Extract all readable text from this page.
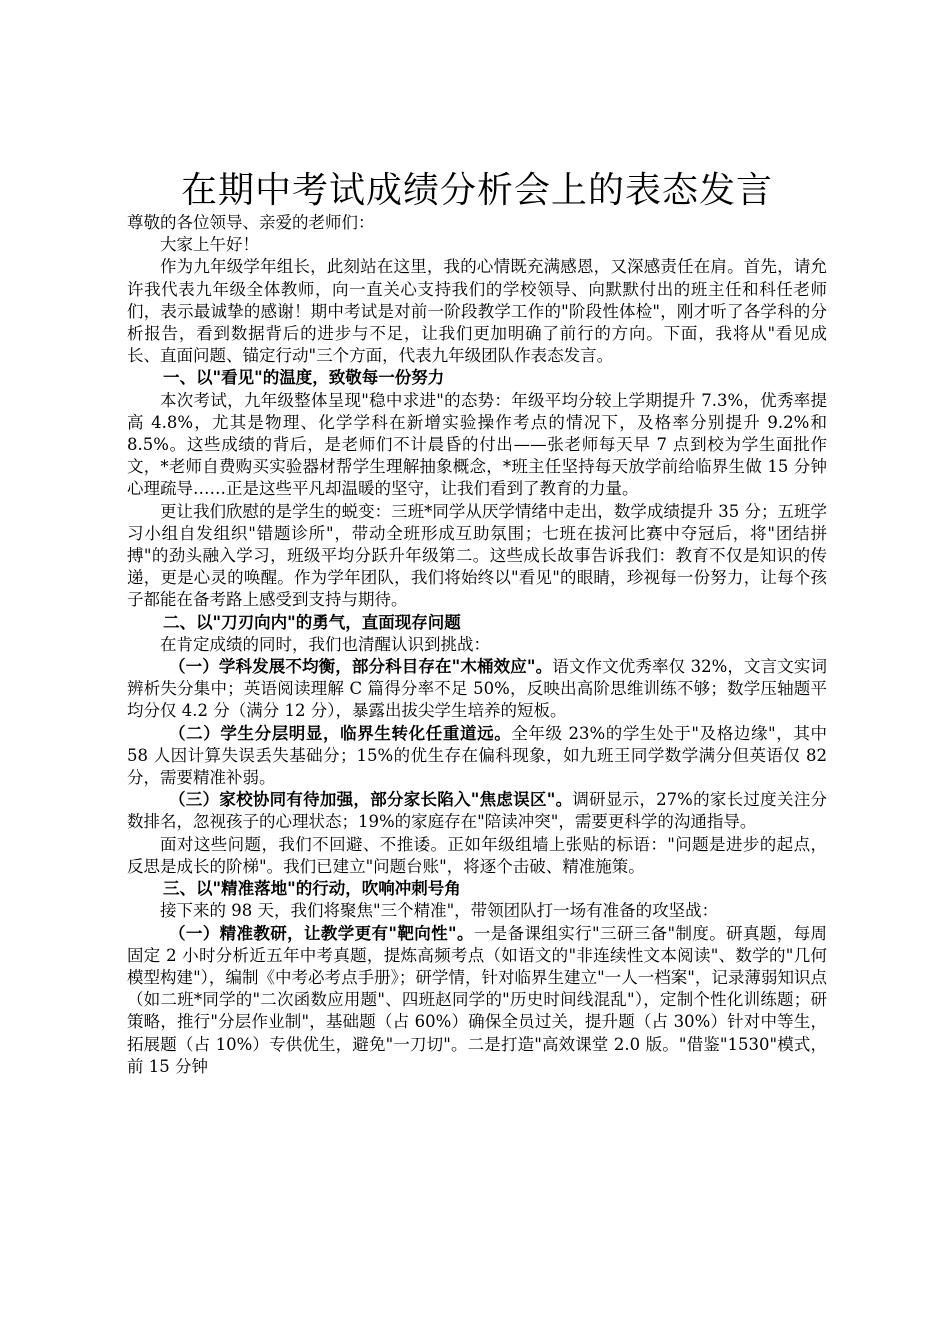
在期中考试成绩分析会上的表态发言
尊敬的各位领导、亲爱的老师们：

大家上午好！

作为九年级学年组长，此刻站在这里，我的心情既充满感恩，又深感责任在肩。首先，请允许我代表九年级全体教师，向一直关心支持我们的学校领导、向默默付出的班主任和科任老师们，表示最诚挚的感谢！期中考试是对前一阶段教学工作的"阶段性体检"，刚才听了各学科的分析报告，看到数据背后的进步与不足，让我们更加明确了前行的方向。下面，我将从"看见成长、直面问题、锚定行动"三个方面，代表九年级团队作表态发言。

一、以"看见"的温度，致敬每一份努力

本次考试，九年级整体呈现"稳中求进"的态势：年级平均分较上学期提升 7.3%，优秀率提高 4.8%，尤其是物理、化学学科在新增实验操作考点的情况下，及格率分别提升 9.2%和 8.5%。这些成绩的背后，是老师们不计晨昏的付出——张老师每天早 7 点到校为学生面批作文，*老师自费购买实验器材帮学生理解抽象概念，*班主任坚持每天放学前给临界生做 15 分钟心理疏导……正是这些平凡却温暖的坚守，让我们看到了教育的力量。

更让我们欣慰的是学生的蜕变：三班*同学从厌学情绪中走出，数学成绩提升 35 分；五班学习小组自发组织"错题诊所"，带动全班形成互助氛围；七班在拔河比赛中夺冠后，将"团结拼搏"的劲头融入学习，班级平均分跃升年级第二。这些成长故事告诉我们：教育不仅是知识的传递，更是心灵的唤醒。作为学年团队，我们将始终以"看见"的眼睛，珍视每一份努力，让每个孩子都能在备考路上感受到支持与期待。

二、以"刀刃向内"的勇气，直面现存问题

在肯定成绩的同时，我们也清醒认识到挑战：

（一）学科发展不均衡，部分科目存在"木桶效应"。语文作文优秀率仅 32%，文言文实词辨析失分集中；英语阅读理解 C 篇得分率不足 50%，反映出高阶思维训练不够；数学压轴题平均分仅 4.2 分（满分 12 分），暴露出拔尖学生培养的短板。

（二）学生分层明显，临界生转化任重道远。全年级 23%的学生处于"及格边缘"，其中 58 人因计算失误丢失基础分；15%的优生存在偏科现象，如九班王同学数学满分但英语仅 82 分，需要精准补弱。

（三）家校协同有待加强，部分家长陷入"焦虑误区"。调研显示，27%的家长过度关注分数排名，忽视孩子的心理状态；19%的家庭存在"陪读冲突"，需要更科学的沟通指导。

面对这些问题，我们不回避、不推诿。正如年级组墙上张贴的标语："问题是进步的起点，反思是成长的阶梯"。我们已建立"问题台账"，将逐个击破、精准施策。

三、以"精准落地"的行动，吹响冲刺号角

接下来的 98 天，我们将聚焦"三个精准"，带领团队打一场有准备的攻坚战：

（一）精准教研，让教学更有"靶向性"。一是备课组实行"三研三备"制度。研真题，每周固定 2 小时分析近五年中考真题，提炼高频考点（如语文的"非连续性文本阅读"、数学的"几何模型构建"），编制《中考必考点手册》；研学情，针对临界生建立"一人一档案"，记录薄弱知识点（如二班*同学的"二次函数应用题"、四班赵同学的"历史时间线混乱"），定制个性化训练题；研策略，推行"分层作业制"，基础题（占 60%）确保全员过关，提升题（占 30%）针对中等生，拓展题（占 10%）专供优生，避免"一刀切"。二是打造"高效课堂 2.0 版。"借鉴"1530"模式，前 15 分钟
